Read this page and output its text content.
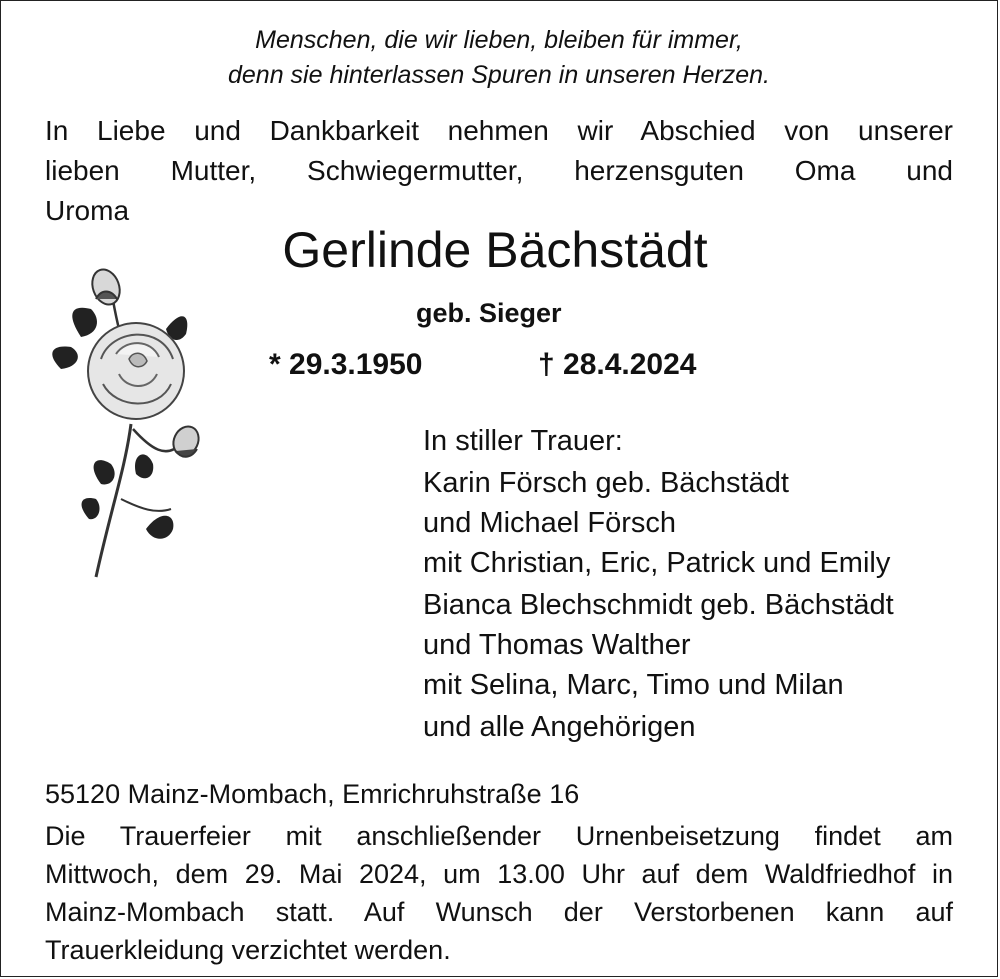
Menschen, die wir lieben, bleiben für immer,
denn sie hinterlassen Spuren in unseren Herzen.
In Liebe und Dankbarkeit nehmen wir Abschied von unserer
lieben Mutter, Schwiegermutter, herzensguten Oma und
Uroma
Gerlinde Bächstädt
geb. Sieger
* 29.3.1950	† 28.4.2024
In stiller Trauer:
Karin Försch geb. Bächstädt
und Michael Försch
mit Christian, Eric, Patrick und Emily
Bianca Blechschmidt geb. Bächstädt
und Thomas Walther
mit Selina, Marc, Timo und Milan
und alle Angehörigen
55120 Mainz-Mombach, Emrichruhstraße 16
Die Trauerfeier mit anschließender Urnenbeisetzung findet am
Mittwoch, dem 29. Mai 2024, um 13.00 Uhr auf dem Waldfriedhof in
Mainz-Mombach statt. Auf Wunsch der Verstorbenen kann auf
Trauerkleidung verzichtet werden.
